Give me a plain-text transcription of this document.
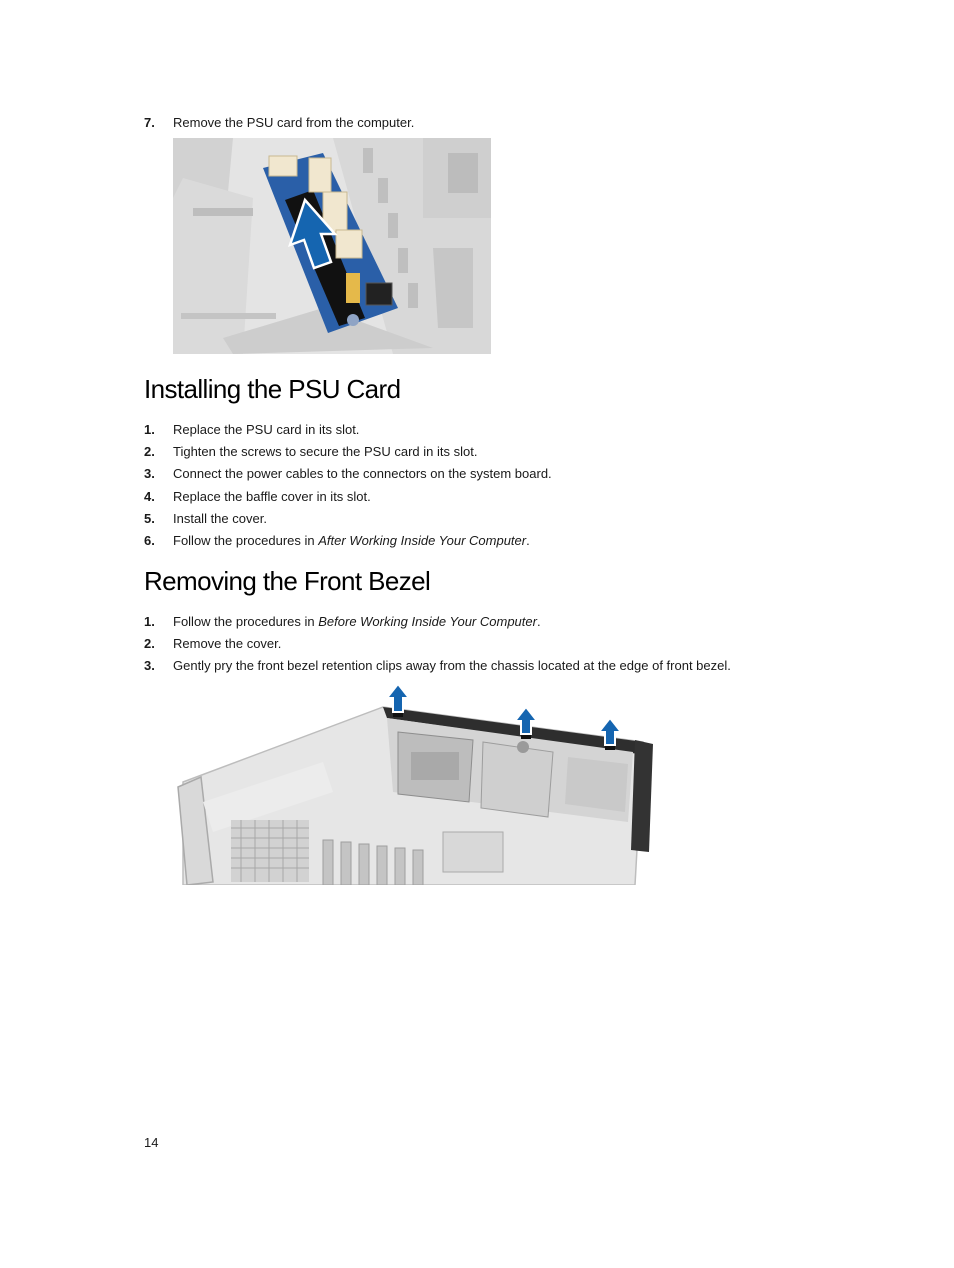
7.	Remove the PSU card from the computer.
Installing the PSU Card
1.	Replace the PSU card in its slot.
2.	Tighten the screws to secure the PSU card in its slot.
3.	Connect the power cables to the connectors on the system board.
4.	Replace the baffle cover in its slot.
5.	Install the cover.
6.	Follow the procedures in After Working Inside Your Computer.
Removing the Front Bezel
1.	Follow the procedures in Before Working Inside Your Computer.
2.	Remove the cover.
3.	Gently pry the front bezel retention clips away from the chassis located at the edge of front bezel.
14
